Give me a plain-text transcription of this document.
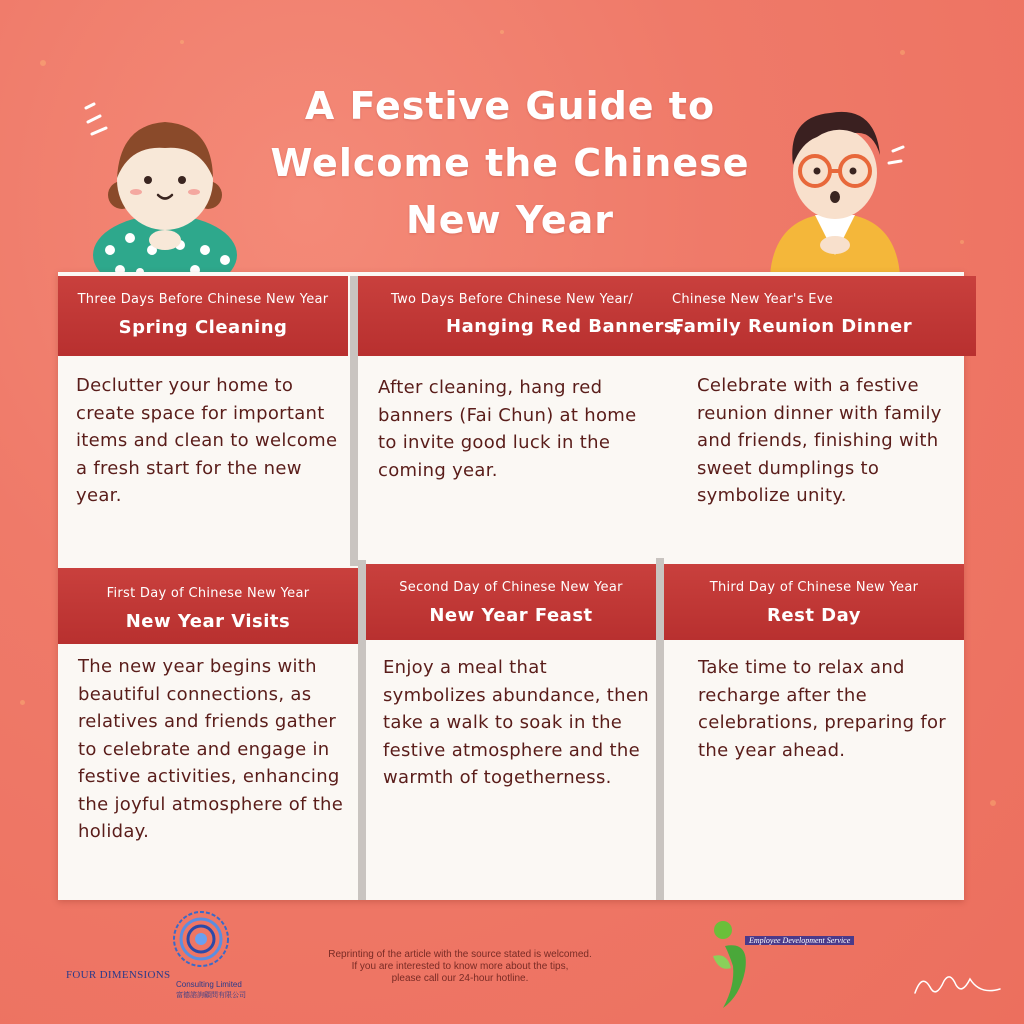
A Festive Guide to
Welcome the Chinese
New Year
Three Days Before Chinese New Year
Spring Cleaning
Two Days Before Chinese New Year/	Chinese New Year's Eve
Hanging Red Banners,
Family Reunion Dinner
Declutter your home to create space for important items and clean to welcome a fresh start for the new year.
After cleaning, hang red banners (Fai Chun) at home to invite good luck in the coming year.
Celebrate with a festive reunion dinner with family and friends, finishing with sweet dumplings to symbolize unity.
First Day of Chinese New Year
New Year Visits
Second Day of Chinese New Year
New Year Feast
Third Day of Chinese New Year
Rest Day
The new year begins with beautiful connections, as relatives and friends gather to celebrate and engage in festive activities, enhancing the joyful atmosphere of the holiday.
Enjoy a meal that symbolizes abundance, then take a walk to soak in the festive atmosphere and the warmth of togetherness.
Take time to relax and recharge after the celebrations, preparing for the year ahead.
FOUR DIMENSIONS
Consulting Limited
富德諮詢顧問有限公司
Reprinting of the article with the source stated is welcomed.
If you are interested to know more about the tips,
please call our 24-hour hotline.
Employee Development Service
